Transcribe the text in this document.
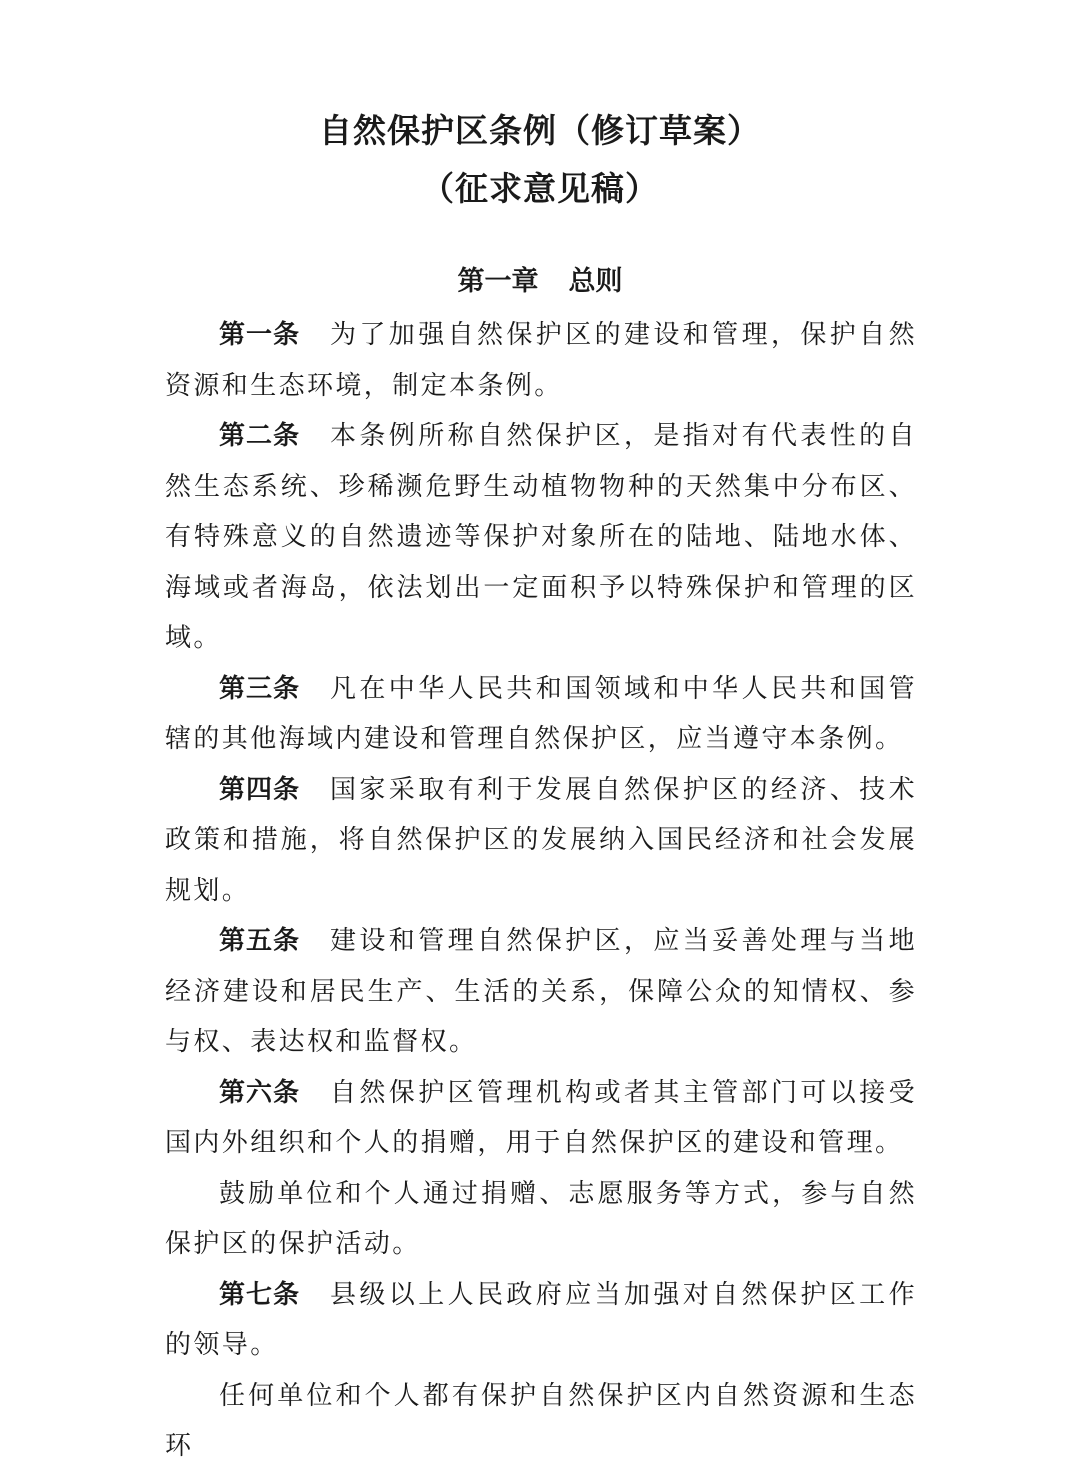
自然保护区条例（修订草案）
（征求意见稿）
第一章 总则

第一条 为了加强自然保护区的建设和管理，保护自然资源和生态环境，制定本条例。

第二条 本条例所称自然保护区，是指对有代表性的自然生态系统、珍稀濒危野生动植物物种的天然集中分布区、有特殊意义的自然遗迹等保护对象所在的陆地、陆地水体、海域或者海岛，依法划出一定面积予以特殊保护和管理的区域。

第三条 凡在中华人民共和国领域和中华人民共和国管辖的其他海域内建设和管理自然保护区，应当遵守本条例。

第四条 国家采取有利于发展自然保护区的经济、技术政策和措施，将自然保护区的发展纳入国民经济和社会发展规划。

第五条 建设和管理自然保护区，应当妥善处理与当地经济建设和居民生产、生活的关系，保障公众的知情权、参与权、表达权和监督权。

第六条 自然保护区管理机构或者其主管部门可以接受国内外组织和个人的捐赠，用于自然保护区的建设和管理。

鼓励单位和个人通过捐赠、志愿服务等方式，参与自然保护区的保护活动。

第七条 县级以上人民政府应当加强对自然保护区工作的领导。

任何单位和个人都有保护自然保护区内自然资源和生态环
